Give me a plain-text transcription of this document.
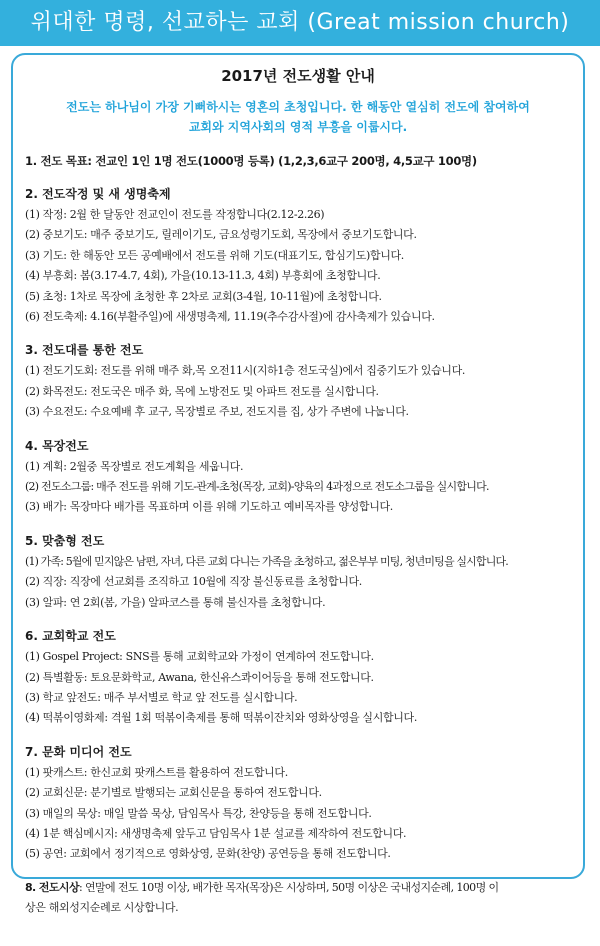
위대한 명령, 선교하는 교회 (Great mission church)
2017년 전도생활 안내
전도는 하나님이 가장 기뻐하시는 영혼의 초청입니다. 한 해동안 열심히 전도에 참여하여
교회와 지역사회의 영적 부흥을 이룹시다.
1. 전도 목표: 전교인 1인 1명 전도(1000명 등록) (1,2,3,6교구 200명, 4,5교구 100명)
2. 전도작정 및 새 생명축제
(1) 작정: 2월 한 달동안 전교인이 전도를 작정합니다(2.12-2.26)
(2) 중보기도: 매주 중보기도, 릴레이기도, 금요성령기도회, 목장에서 중보기도합니다.
(3) 기도: 한 해동안 모든 공예배에서 전도를 위해 기도(대표기도, 합심기도)합니다.
(4) 부흥회: 봄(3.17-4.7, 4회), 가을(10.13-11.3, 4회) 부흥회에 초청합니다.
(5) 초청: 1차로 목장에 초청한 후 2차로 교회(3-4월, 10-11월)에 초청합니다.
(6) 전도축제: 4.16(부활주일)에 새생명축제, 11.19(추수감사절)에 감사축제가 있습니다.
3. 전도대를 통한 전도
(1) 전도기도회: 전도를 위해 매주 화,목 오전11시(지하1층 전도국실)에서 집중기도가 있습니다.
(2) 화목전도: 전도국은 매주 화, 목에 노방전도 및 아파트 전도를 실시합니다.
(3) 수요전도: 수요예배 후 교구, 목장별로 주보, 전도지를 집, 상가 주변에 나눕니다.
4. 목장전도
(1) 계획: 2월중 목장별로 전도계획을 세웁니다.
(2) 전도소그룹: 매주 전도를 위해 기도-관계-초청(목장, 교회)-양육의 4과정으로 전도소그룹을 실시합니다.
(3) 배가: 목장마다 배가를 목표하며 이를 위해 기도하고 예비목자를 양성합니다.
5. 맞춤형 전도
(1) 가족: 5월에 믿지않은 남편, 자녀, 다른 교회 다니는 가족을 초청하고, 젊은부부 미팅, 청년미팅을 실시합니다.
(2) 직장: 직장에 선교회를 조직하고 10월에 직장 불신동료를 초청합니다.
(3) 알파: 연 2회(봄, 가을) 알파코스를 통해 불신자를 초청합니다.
6. 교회학교 전도
(1) Gospel Project: SNS를 통해 교회학교와 가정이 연계하여 전도합니다.
(2) 특별활동: 토요문화학교, Awana, 한신유스콰이어등을 통해 전도합니다.
(3) 학교 앞전도: 매주 부서별로 학교 앞 전도를 실시합니다.
(4) 떡볶이영화제: 격월 1회 떡볶이축제를 통해 떡볶이잔치와 영화상영을 실시합니다.
7. 문화 미디어 전도
(1) 팟캐스트: 한신교회 팟캐스트를 활용하여 전도합니다.
(2) 교회신문: 분기별로 발행되는 교회신문을 통하여 전도합니다.
(3) 매일의 묵상: 매일 말씀 묵상, 담임목사 특강, 찬양등을 통해 전도합니다.
(4) 1분 핵심메시지: 새생명축제 앞두고 담임목사 1분 설교를 제작하여 전도합니다.
(5) 공연: 교회에서 정기적으로 영화상영, 문화(찬양) 공연등을 통해 전도합니다.
8. 전도시상: 연말에 전도 10명 이상, 배가한 목자(목장)은 시상하며, 50명 이상은 국내성지순례, 100명 이
상은 해외성지순례로 시상합니다.
